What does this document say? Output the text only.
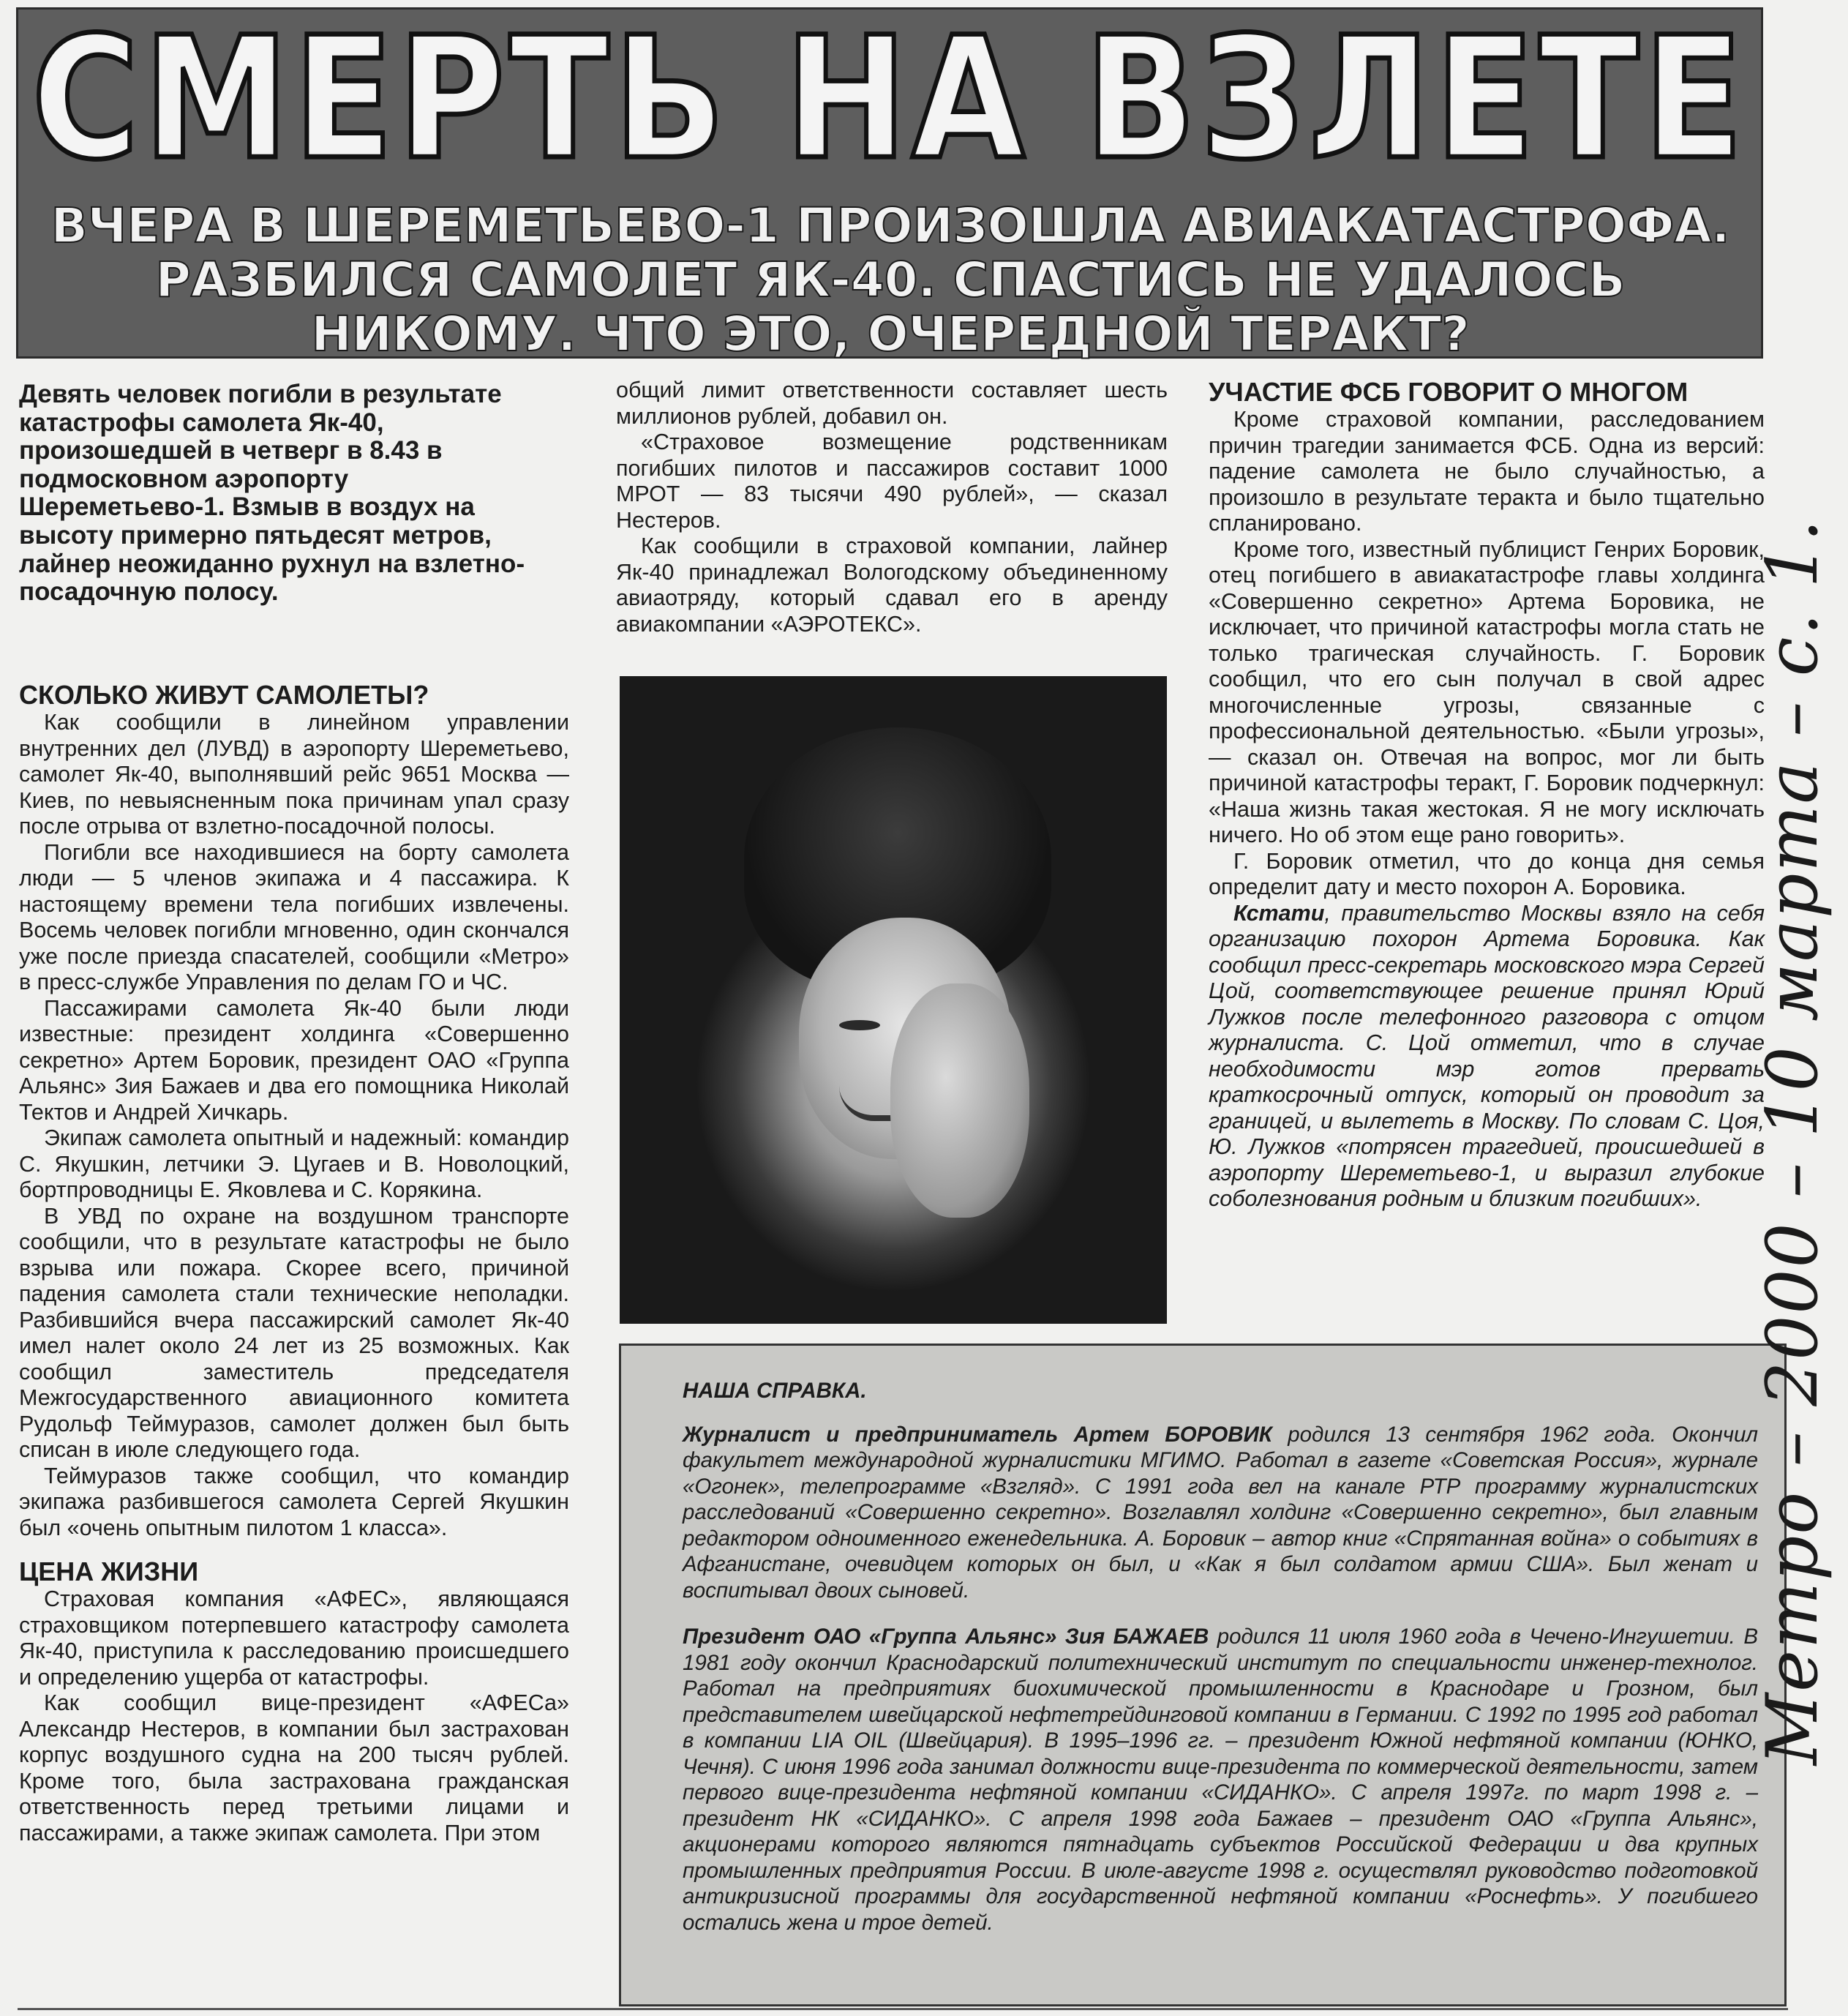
СМЕРТЬ НА ВЗЛЕТЕ
ВЧЕРА В ШЕРЕМЕТЬЕВО-1 ПРОИЗОШЛА АВИАКАТАСТРОФА. РАЗБИЛСЯ САМОЛЕТ ЯК-40. СПАСТИСЬ НЕ УДАЛОСЬ НИКОМУ. ЧТО ЭТО, ОЧЕРЕДНОЙ ТЕРАКТ?
Девять человек погибли в результате катастрофы самолета Як-40, произошедшей в четверг в 8.43 в подмосковном аэропорту Шереметьево-1. Взмыв в воздух на высоту примерно пятьдесят метров, лайнер неожиданно рухнул на взлетно-посадочную полосу.
СКОЛЬКО ЖИВУТ САМОЛЕТЫ?

Как сообщили в линейном управлении внутренних дел (ЛУВД) в аэропорту Шереметьево, самолет Як-40, выполнявший рейс 9651 Москва — Киев, по невыясненным пока причинам упал сразу после отрыва от взлетно-посадочной полосы.

Погибли все находившиеся на борту самолета люди — 5 членов экипажа и 4 пассажира. К настоящему времени тела погибших извлечены. Восемь человек погибли мгновенно, один скончался уже после приезда спасателей, сообщили «Метро» в пресс-службе Управления по делам ГО и ЧС.

Пассажирами самолета Як-40 были люди известные: президент холдинга «Совершенно секретно» Артем Боровик, президент ОАО «Группа Альянс» Зия Бажаев и два его помощника Николай Тектов и Андрей Хичкарь.

Экипаж самолета опытный и надежный: командир С. Якушкин, летчики Э. Цугаев и В. Новолоцкий, бортпроводницы Е. Яковлева и С. Корякина.

В УВД по охране на воздушном транспорте сообщили, что в результате катастрофы не было взрыва или пожара. Скорее всего, причиной падения самолета стали технические неполадки. Разбившийся вчера пассажирский самолет Як-40 имел налет около 24 лет из 25 возможных. Как сообщил заместитель председателя Межгосударственного авиационного комитета Рудольф Теймуразов, самолет должен был быть списан в июле следующего года.

Теймуразов также сообщил, что командир экипажа разбившегося самолета Сергей Якушкин был «очень опытным пилотом 1 класса».

ЦЕНА ЖИЗНИ

Страховая компания «АФЕС», являющаяся страховщиком потерпевшего катастрофу самолета Як-40, приступила к расследованию происшедшего и определению ущерба от катастрофы.

Как сообщил вице-президент «АФЕСа» Александр Нестеров, в компании был застрахован корпус воздушного судна на 200 тысяч рублей. Кроме того, была застрахована гражданская ответственность перед третьими лицами и пассажирами, а также экипаж самолета. При этом

общий лимит ответственности составляет шесть миллионов рублей, добавил он.

«Страховое возмещение родственникам погибших пилотов и пассажиров составит 1000 МРОТ — 83 тысячи 490 рублей», — сказал Нестеров.

Как сообщили в страховой компании, лайнер Як-40 принадлежал Вологодскому объединенному авиаотряду, который сдавал его в аренду авиакомпании «АЭРОТЕКС».

УЧАСТИЕ ФСБ ГОВОРИТ О МНОГОМ

Кроме страховой компании, расследованием причин трагедии занимается ФСБ. Одна из версий: падение самолета не было случайностью, а произошло в результате теракта и было тщательно спланировано.

Кроме того, известный публицист Генрих Боровик, отец погибшего в авиакатастрофе главы холдинга «Совершенно секретно» Артема Боровика, не исключает, что причиной катастрофы могла стать не только трагическая случайность. Г. Боровик сообщил, что его сын получал в свой адрес многочисленные угрозы, связанные с профессиональной деятельностью. «Были угрозы», — сказал он. Отвечая на вопрос, мог ли быть причиной катастрофы теракт, Г. Боровик подчеркнул: «Наша жизнь такая жестокая. Я не могу исключать ничего. Но об этом еще рано говорить».

Г. Боровик отметил, что до конца дня семья определит дату и место похорон А. Боровика.

Кстати, правительство Москвы взяло на себя организацию похорон Артема Боровика. Как сообщил пресс-секретарь московского мэра Сергей Цой, соответствующее решение принял Юрий Лужков после телефонного разговора с отцом журналиста. С. Цой отметил, что в случае необходимости мэр готов прервать краткосрочный отпуск, который он проводит за границей, и вылететь в Москву. По словам С. Цоя, Ю. Лужков «потрясен трагедией, происшедшей в аэропорту Шереметьево-1, и выразил глубокие соболезнования родным и близким погибших».

НАША СПРАВКА.

Журналист и предприниматель Артем БОРОВИК родился 13 сентября 1962 года. Окончил факультет международной журналистики МГИМО. Работал в газете «Советская Россия», журнале «Огонек», телепрограмме «Взгляд». С 1991 года вел на канале РТР программу журналистских расследований «Совершенно секретно». Возглавлял холдинг «Совершенно секретно», был главным редактором одноименного еженедельника. А. Боровик – автор книг «Спрятанная война» о событиях в Афганистане, очевидцем которых он был, и «Как я был солдатом армии США». Был женат и воспитывал двоих сыновей.

Президент ОАО «Группа Альянс» Зия БАЖАЕВ родился 11 июля 1960 года в Чечено-Ингушетии. В 1981 году окончил Краснодарский политехнический институт по специальности инженер-технолог. Работал на предприятиях биохимической промышленности в Краснодаре и Грозном, был представителем швейцарской нефтетрейдинговой компании в Германии. С 1992 по 1995 год работал в компании LIA OIL (Швейцария). В 1995–1996 гг. – президент Южной нефтяной компании (ЮНКО, Чечня). С июня 1996 года занимал должности вице-президента по коммерческой деятельности, затем первого вице-президента нефтяной компании «СИДАНКО». С апреля 1997г. по март 1998 г. – президент НК «СИДАНКО». С апреля 1998 года Бажаев – президент ОАО «Группа Альянс», акционерами которого являются пятнадцать субъектов Российской Федерации и два крупных промышленных предприятия России. В июле-августе 1998 г. осуществлял руководство подготовкой антикризисной программы для государственной нефтяной компании «Роснефть». У погибшего остались жена и трое детей.

Метро – 2000 – 10 марта – с. 1.
